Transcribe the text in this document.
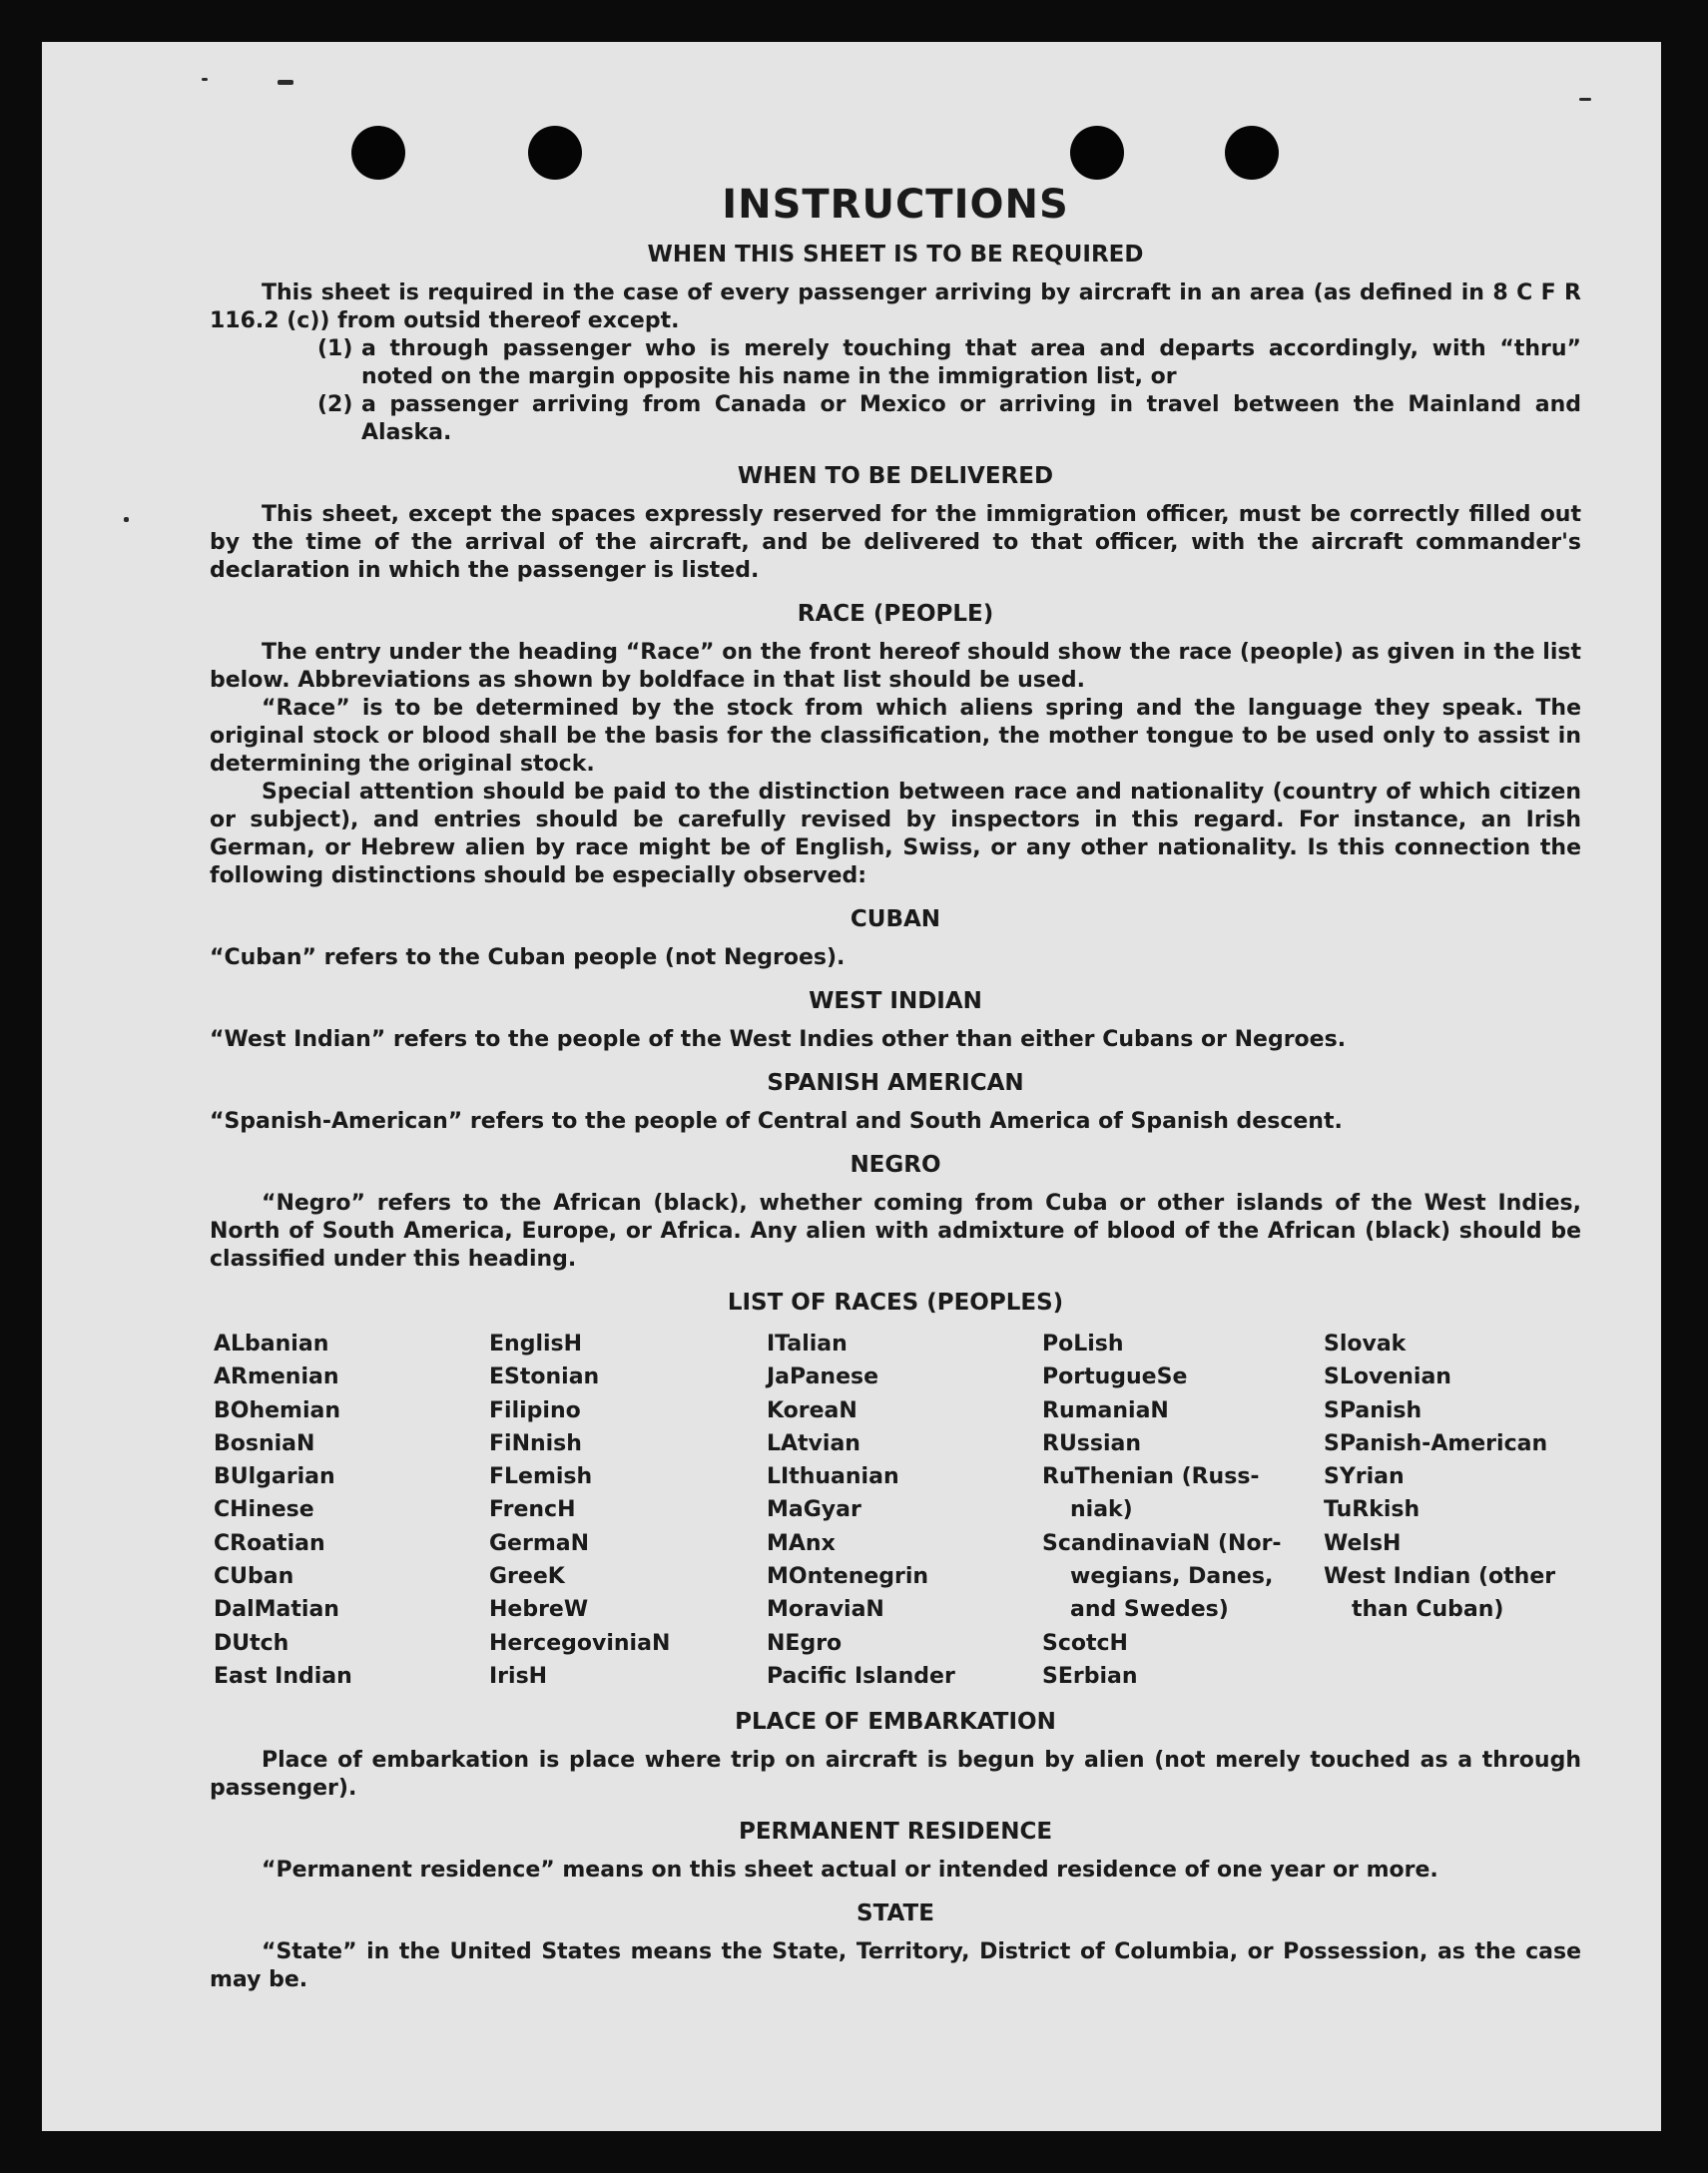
INSTRUCTIONS
WHEN THIS SHEET IS TO BE REQUIRED

This sheet is required in the case of every passenger arriving by aircraft in an area (as defined in 8 C F R 116.2 (c)) from outsid thereof except.

(1) a through passenger who is merely touching that area and departs accordingly, with “thru” noted on the margin opposite his name in the immigration list, or
(2) a passenger arriving from Canada or Mexico or arriving in travel between the Mainland and Alaska.
WHEN TO BE DELIVERED

This sheet, except the spaces expressly reserved for the immigration officer, must be correctly filled out by the time of the arrival of the aircraft, and be delivered to that officer, with the aircraft commander's declaration in which the passenger is listed.

RACE (PEOPLE)

The entry under the heading “Race” on the front hereof should show the race (people) as given in the list below. Abbreviations as shown by boldface in that list should be used.

“Race” is to be determined by the stock from which aliens spring and the language they speak. The original stock or blood shall be the basis for the classification, the mother tongue to be used only to assist in determining the original stock.

Special attention should be paid to the distinction between race and nationality (country of which citizen or subject), and entries should be carefully revised by inspectors in this regard. For instance, an Irish German, or Hebrew alien by race might be of English, Swiss, or any other nationality. Is this connection the following distinctions should be especially observed:

CUBAN

“Cuban” refers to the Cuban people (not Negroes).

WEST INDIAN

“West Indian” refers to the people of the West Indies other than either Cubans or Negroes.

SPANISH AMERICAN

“Spanish-American” refers to the people of Central and South America of Spanish descent.

NEGRO

“Negro” refers to the African (black), whether coming from Cuba or other islands of the West Indies, North of South America, Europe, or Africa. Any alien with admixture of blood of the African (black) should be classified under this heading.

LIST OF RACES (PEOPLES)
ALbanian
ARmenian
BOhemian
BosniaN
BUlgarian
CHinese
CRoatian
CUban
DalMatian
DUtch
East Indian
EnglisH
EStonian
Filipino
FiNnish
FLemish
FrencH
GermaN
GreeK
HebreW
HercegoviniaN
IrisH
ITalian
JaPanese
KoreaN
LAtvian
LIthuanian
MaGyar
MAnx
MOntenegrin
MoraviaN
NEgro
Pacific Islander
PoLish
PortugueSe
RumaniaN
RUssian
RuThenian (Russ-
niak)
ScandinaviaN (Nor-
wegians, Danes,
and Swedes)
ScotcH
SErbian
Slovak
SLovenian
SPanish
SPanish-American
SYrian
TuRkish
WelsH
West Indian (other
than Cuban)
PLACE OF EMBARKATION

Place of embarkation is place where trip on aircraft is begun by alien (not merely touched as a through passenger).

PERMANENT RESIDENCE

“Permanent residence” means on this sheet actual or intended residence of one year or more.

STATE

“State” in the United States means the State, Territory, District of Columbia, or Possession, as the case may be.
